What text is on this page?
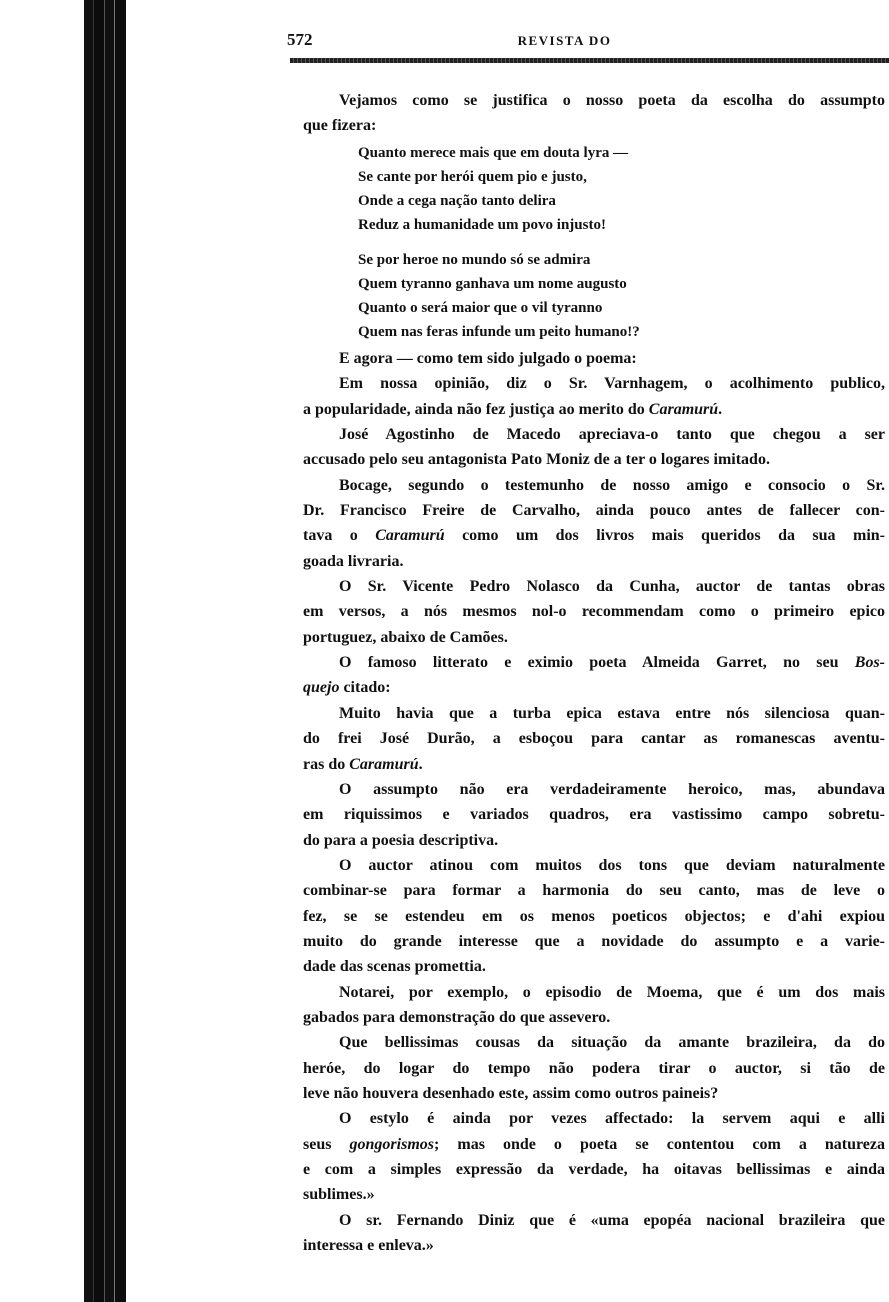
572	REVISTA DO
Vejamos como se justifica o nosso poeta da escolha do assumpto
que fizera:
Quanto merece mais que em douta lyra —
Se cante por herói quem pio e justo,
Onde a cega nação tanto delira
Reduz a humanidade um povo injusto!
Se por heroe no mundo só se admira
Quem tyranno ganhava um nome augusto
Quanto o será maior que o vil tyranno
Quem nas feras infunde um peito humano!?
E agora — como tem sido julgado o poema:
Em nossa opinião, diz o Sr. Varnhagem, o acolhimento publico,
a popularidade, ainda não fez justiça ao merito do Caramurú.
José Agostinho de Macedo apreciava-o tanto que chegou a ser
accusado pelo seu antagonista Pato Moniz de a ter o logares imitado.
Bocage, segundo o testemunho de nosso amigo e consocio o Sr.
Dr. Francisco Freire de Carvalho, ainda pouco antes de fallecer con-
tava o Caramurú como um dos livros mais queridos da sua min-
goada livraria.
O Sr. Vicente Pedro Nolasco da Cunha, auctor de tantas obras
em versos, a nós mesmos nol-o recommendam como o primeiro epico
portuguez, abaixo de Camões.
O famoso litterato e eximio poeta Almeida Garret, no seu Bos-
quejo citado:
Muito havia que a turba epica estava entre nós silenciosa quan-
do frei José Durão, a esboçou para cantar as romanescas aventu-
ras do Caramurú.
O assumpto não era verdadeiramente heroico, mas, abundava
em riquissimos e variados quadros, era vastissimo campo sobretu-
do para a poesia descriptiva.
O auctor atinou com muitos dos tons que deviam naturalmente
combinar-se para formar a harmonia do seu canto, mas de leve o
fez, se se estendeu em os menos poeticos objectos; e d'ahi expiou
muito do grande interesse que a novidade do assumpto e a varie-
dade das scenas promettia.
Notarei, por exemplo, o episodio de Moema, que é um dos mais
gabados para demonstração do que assevero.
Que bellissimas cousas da situação da amante brazileira, da do
heróe, do logar do tempo não podera tirar o auctor, si tão de
leve não houvera desenhado este, assim como outros paineis?
O estylo é ainda por vezes affectado: la servem aqui e alli
seus gongorismos; mas onde o poeta se contentou com a natureza
e com a simples expressão da verdade, ha oitavas bellissimas e ainda
sublimes.»
O sr. Fernando Diniz que é «uma epopéa nacional brazileira que
interessa e enleva.»
